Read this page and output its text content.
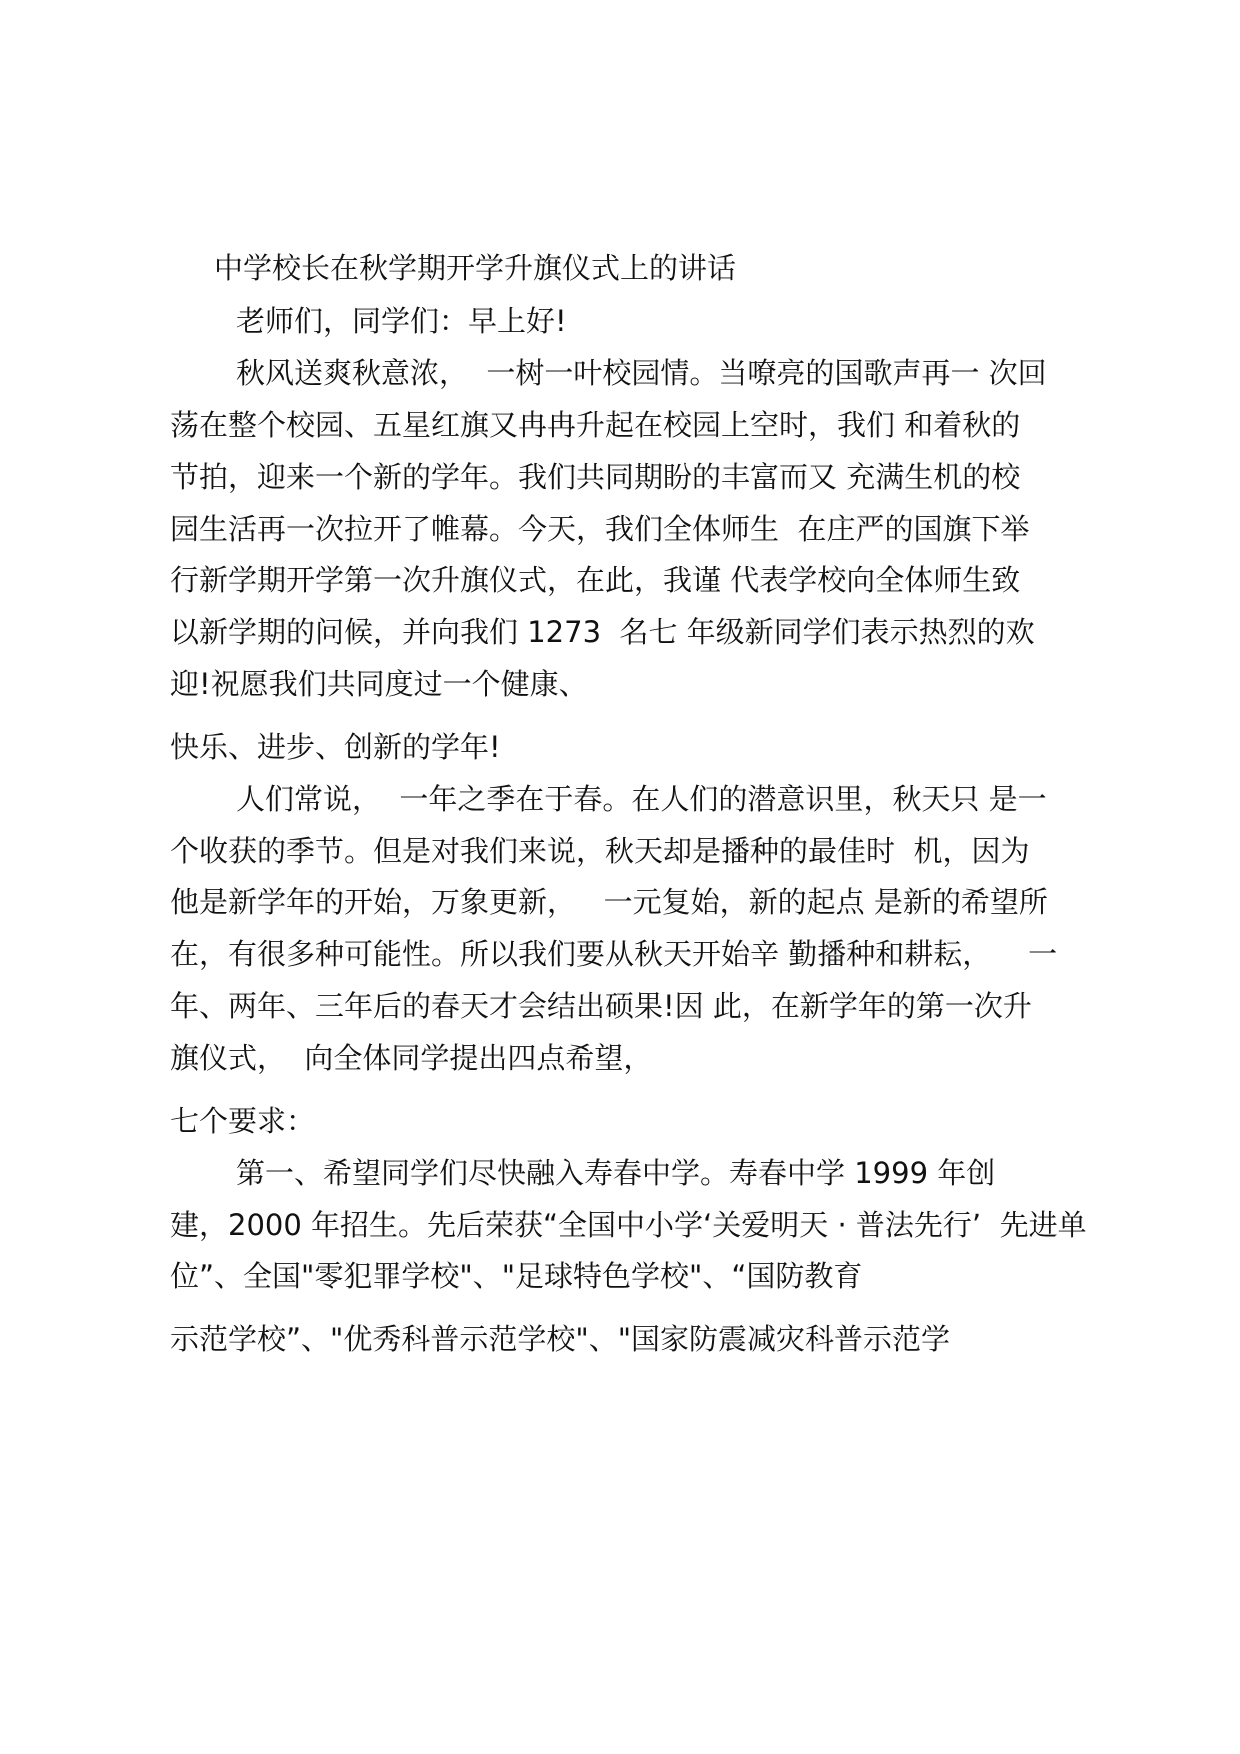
中学校长在秋学期开学升旗仪式上的讲话

老师们，同学们：早上好!

秋风送爽秋意浓，  一树一叶校园情。当嘹亮的国歌声再一 次回

荡在整个校园、五星红旗又冉冉升起在校园上空时，我们 和着秋的

节拍，迎来一个新的学年。我们共同期盼的丰富而又 充满生机的校

园生活再一次拉开了帷幕。今天，我们全体师生  在庄严的国旗下举

行新学期开学第一次升旗仪式，在此，我谨 代表学校向全体师生致

以新学期的问候，并向我们 1273  名七 年级新同学们表示热烈的欢

迎!祝愿我们共同度过一个健康、

快乐、进步、创新的学年!

人们常说，  一年之季在于春。在人们的潜意识里，秋天只 是一

个收获的季节。但是对我们来说，秋天却是播种的最佳时  机，因为

他是新学年的开始，万象更新，   一元复始，新的起点 是新的希望所

在，有很多种可能性。所以我们要从秋天开始辛 勤播种和耕耘，    一

年、两年、三年后的春天才会结出硕果!因 此，在新学年的第一次升

旗仪式，  向全体同学提出四点希望，

七个要求：

第一、希望同学们尽快融入寿春中学。寿春中学 1999 年创

建，2000 年招生。先后荣获“全国中小学‘关爱明天 · 普法先行’  先进单

位”、全国"零犯罪学校"、"足球特色学校"、“国防教育

示范学校”、"优秀科普示范学校"、"国家防震减灾科普示范学
